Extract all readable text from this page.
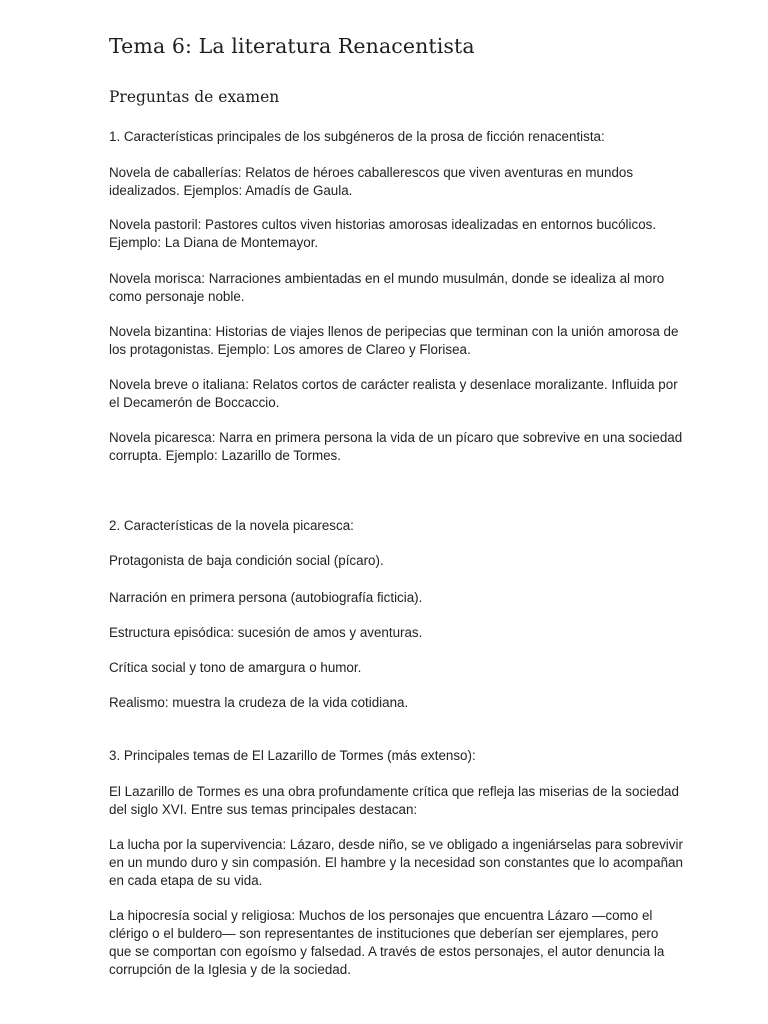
Tema 6: La literatura Renacentista
Preguntas de examen

1. Características principales de los subgéneros de la prosa de ficción renacentista:

Novela de caballerías: Relatos de héroes caballerescos que viven aventuras en mundos idealizados. Ejemplos: Amadís de Gaula.

Novela pastoril: Pastores cultos viven historias amorosas idealizadas en entornos bucólicos. Ejemplo: La Diana de Montemayor.

Novela morisca: Narraciones ambientadas en el mundo musulmán, donde se idealiza al moro como personaje noble.

Novela bizantina: Historias de viajes llenos de peripecias que terminan con la unión amorosa de los protagonistas. Ejemplo: Los amores de Clareo y Florisea.

Novela breve o italiana: Relatos cortos de carácter realista y desenlace moralizante. Influida por el Decamerón de Boccaccio.

Novela picaresca: Narra en primera persona la vida de un pícaro que sobrevive en una sociedad corrupta. Ejemplo: Lazarillo de Tormes.

2. Características de la novela picaresca:

Protagonista de baja condición social (pícaro).

Narración en primera persona (autobiografía ficticia).

Estructura episódica: sucesión de amos y aventuras.

Crítica social y tono de amargura o humor.

Realismo: muestra la crudeza de la vida cotidiana.

3. Principales temas de El Lazarillo de Tormes (más extenso):

El Lazarillo de Tormes es una obra profundamente crítica que refleja las miserias de la sociedad del siglo XVI. Entre sus temas principales destacan:

La lucha por la supervivencia: Lázaro, desde niño, se ve obligado a ingeniárselas para sobrevivir en un mundo duro y sin compasión. El hambre y la necesidad son constantes que lo acompañan en cada etapa de su vida.

La hipocresía social y religiosa: Muchos de los personajes que encuentra Lázaro —como el clérigo o el buldero— son representantes de instituciones que deberían ser ejemplares, pero que se comportan con egoísmo y falsedad. A través de estos personajes, el autor denuncia la corrupción de la Iglesia y de la sociedad.
